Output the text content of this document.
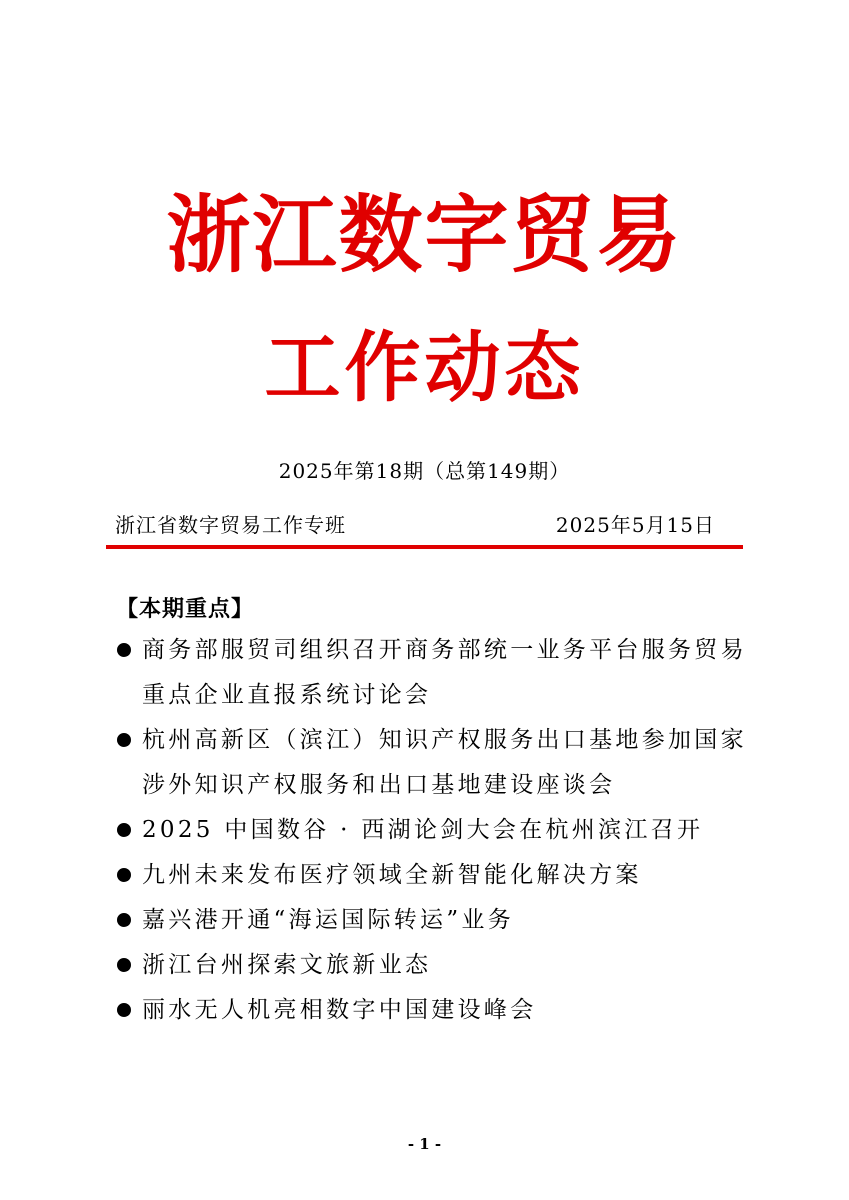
浙江数字贸易
工作动态
2025年第18期（总第149期）
浙江省数字贸易工作专班	2025年5月15日
【本期重点】
商务部服贸司组织召开商务部统一业务平台服务贸易重点企业直报系统讨论会
杭州高新区（滨江）知识产权服务出口基地参加国家涉外知识产权服务和出口基地建设座谈会
2025 中国数谷 · 西湖论剑大会在杭州滨江召开
九州未来发布医疗领域全新智能化解决方案
嘉兴港开通“海运国际转运”业务
浙江台州探索文旅新业态
丽水无人机亮相数字中国建设峰会
- 1 -
